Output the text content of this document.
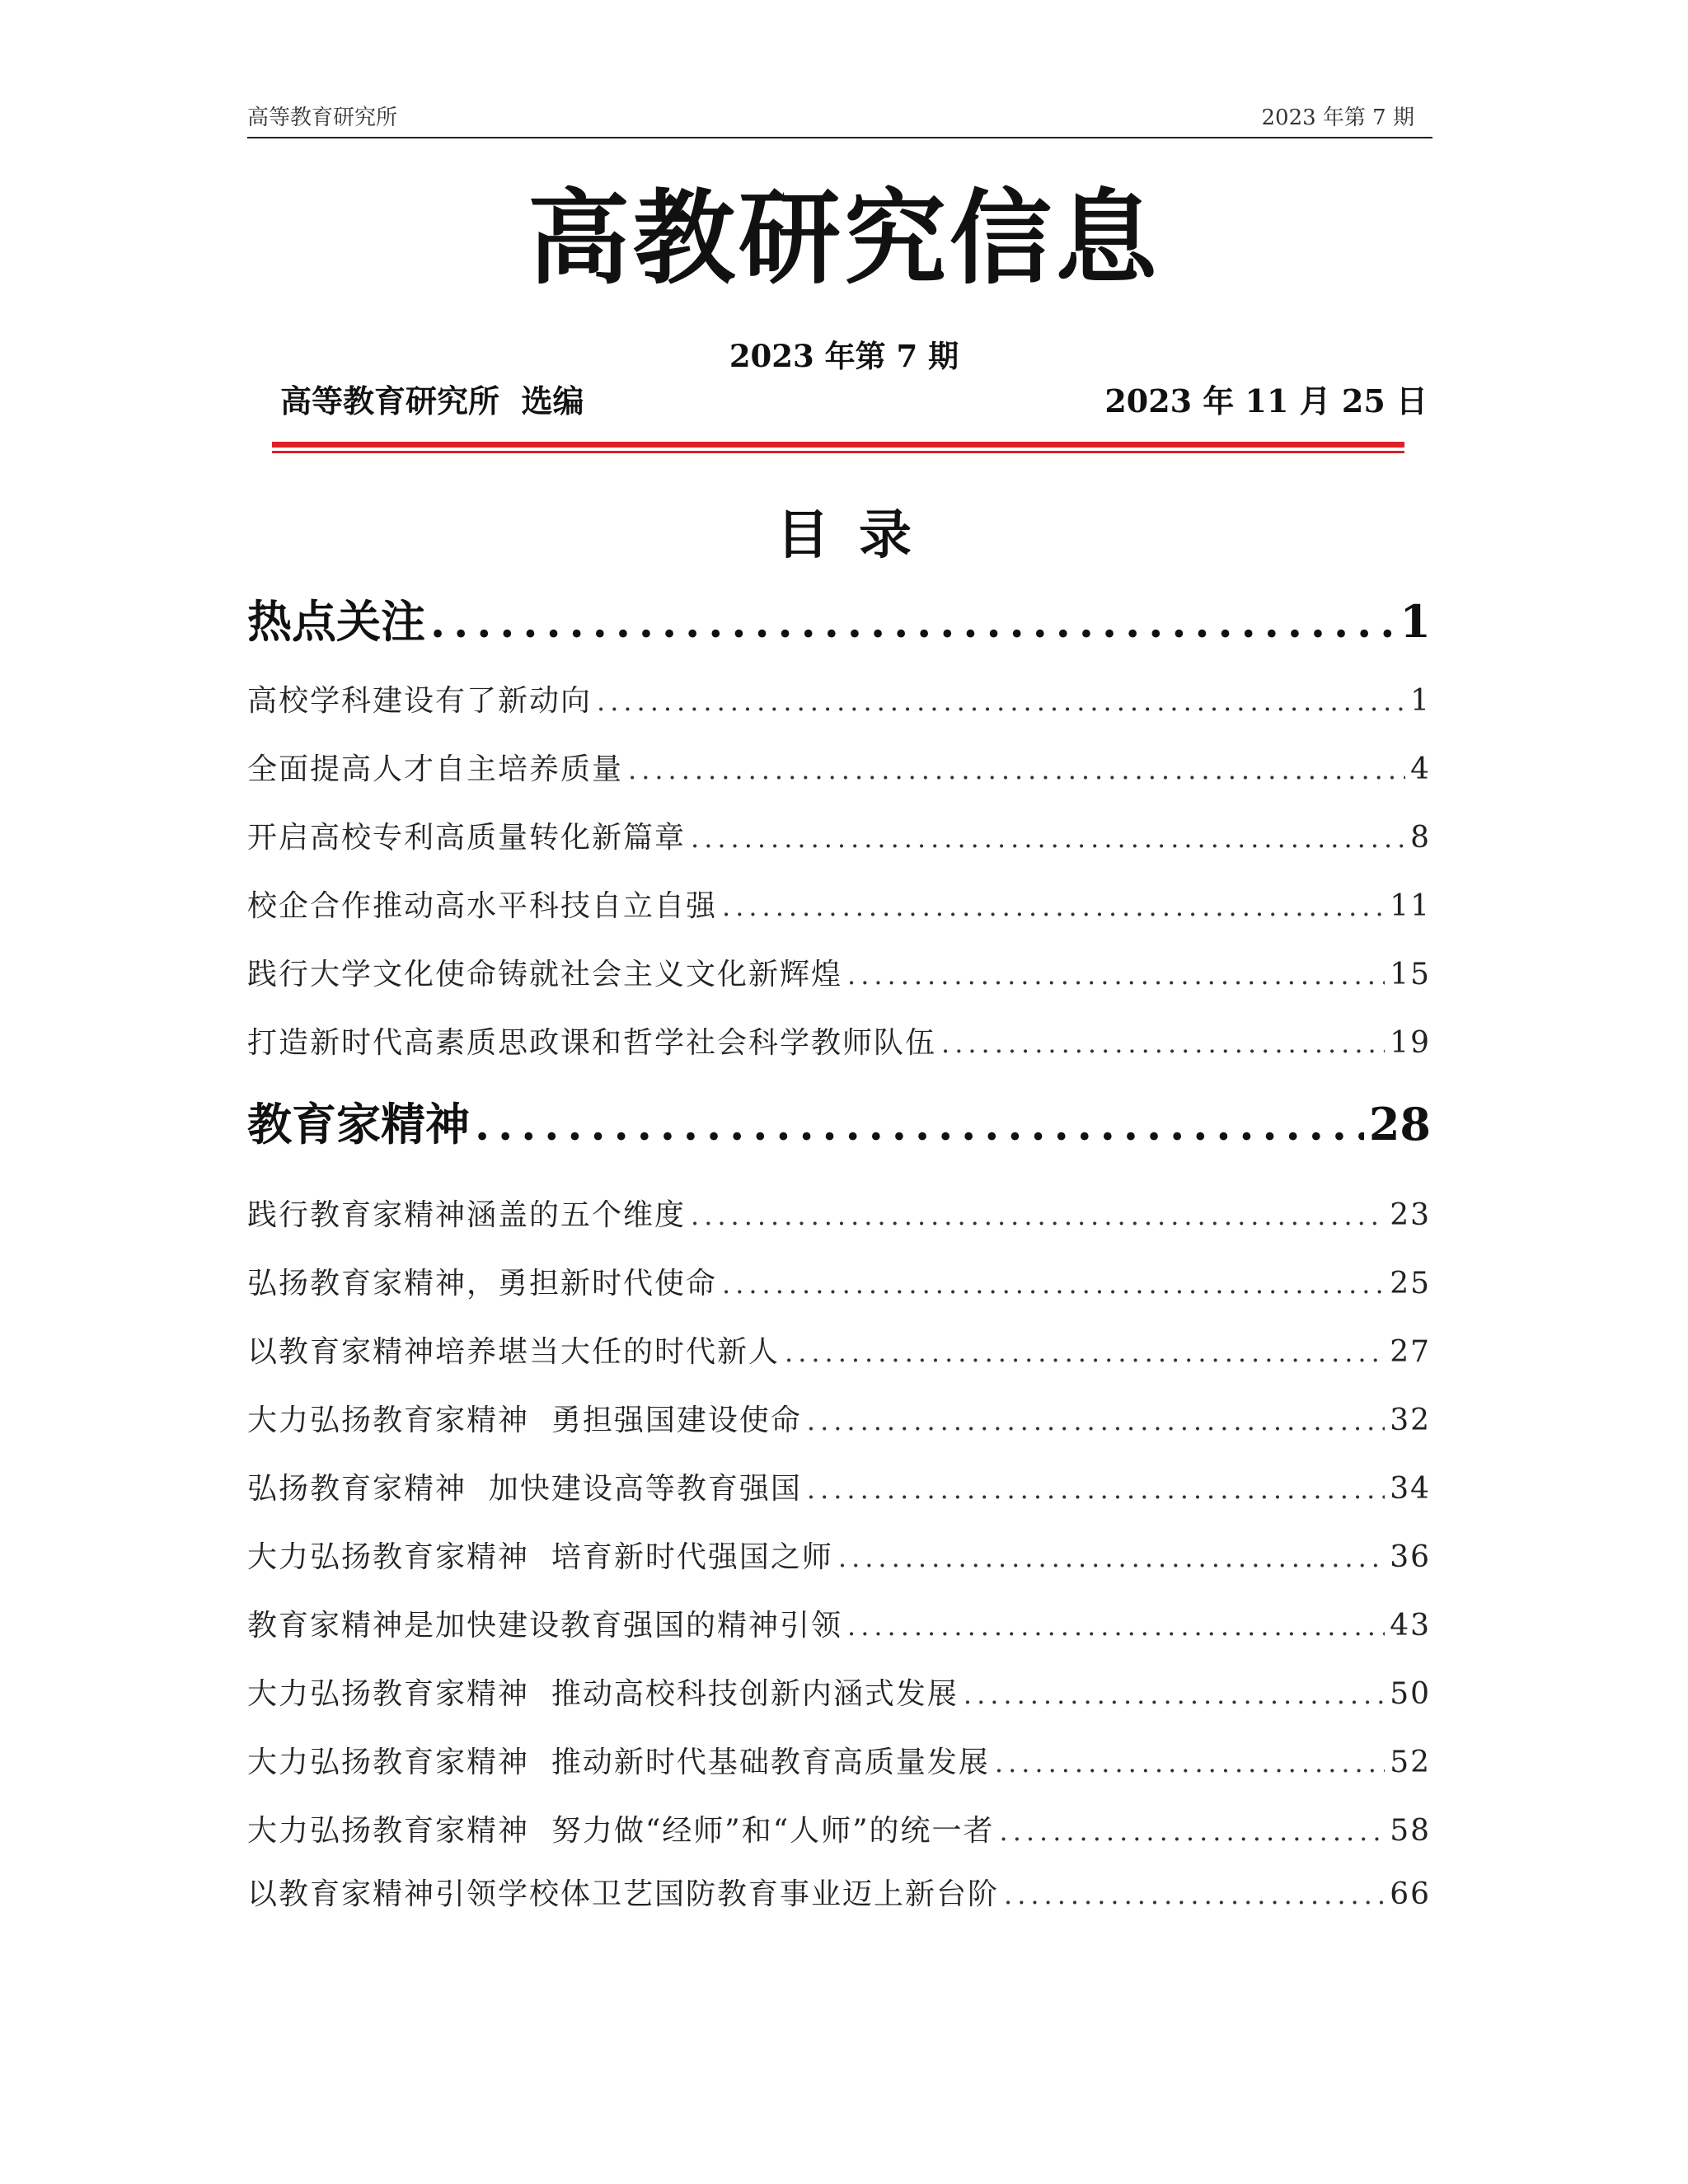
高等教育研究所	2023 年第 7 期
高教研究信息
2023 年第 7 期
高等教育研究所  选编	2023 年 11 月 25 日
目录
热点关注 .....	1
高校学科建设有了新动向 .....	1
全面提高人才自主培养质量 .....	4
开启高校专利高质量转化新篇章 .....	8
校企合作推动高水平科技自立自强 .....	11
践行大学文化使命铸就社会主义文化新辉煌 .....	15
打造新时代高素质思政课和哲学社会科学教师队伍 .....	19
教育家精神 .....	28
践行教育家精神涵盖的五个维度 .....	23
弘扬教育家精神，勇担新时代使命 .....	25
以教育家精神培养堪当大任的时代新人 .....	27
大力弘扬教育家精神  勇担强国建设使命 .....	32
弘扬教育家精神  加快建设高等教育强国 .....	34
大力弘扬教育家精神  培育新时代强国之师 .....	36
教育家精神是加快建设教育强国的精神引领 .....	43
大力弘扬教育家精神  推动高校科技创新内涵式发展 .....	50
大力弘扬教育家精神  推动新时代基础教育高质量发展 .....	52
大力弘扬教育家精神  努力做“经师”和“人师”的统一者 .....	58
以教育家精神引领学校体卫艺国防教育事业迈上新台阶 .....	66
